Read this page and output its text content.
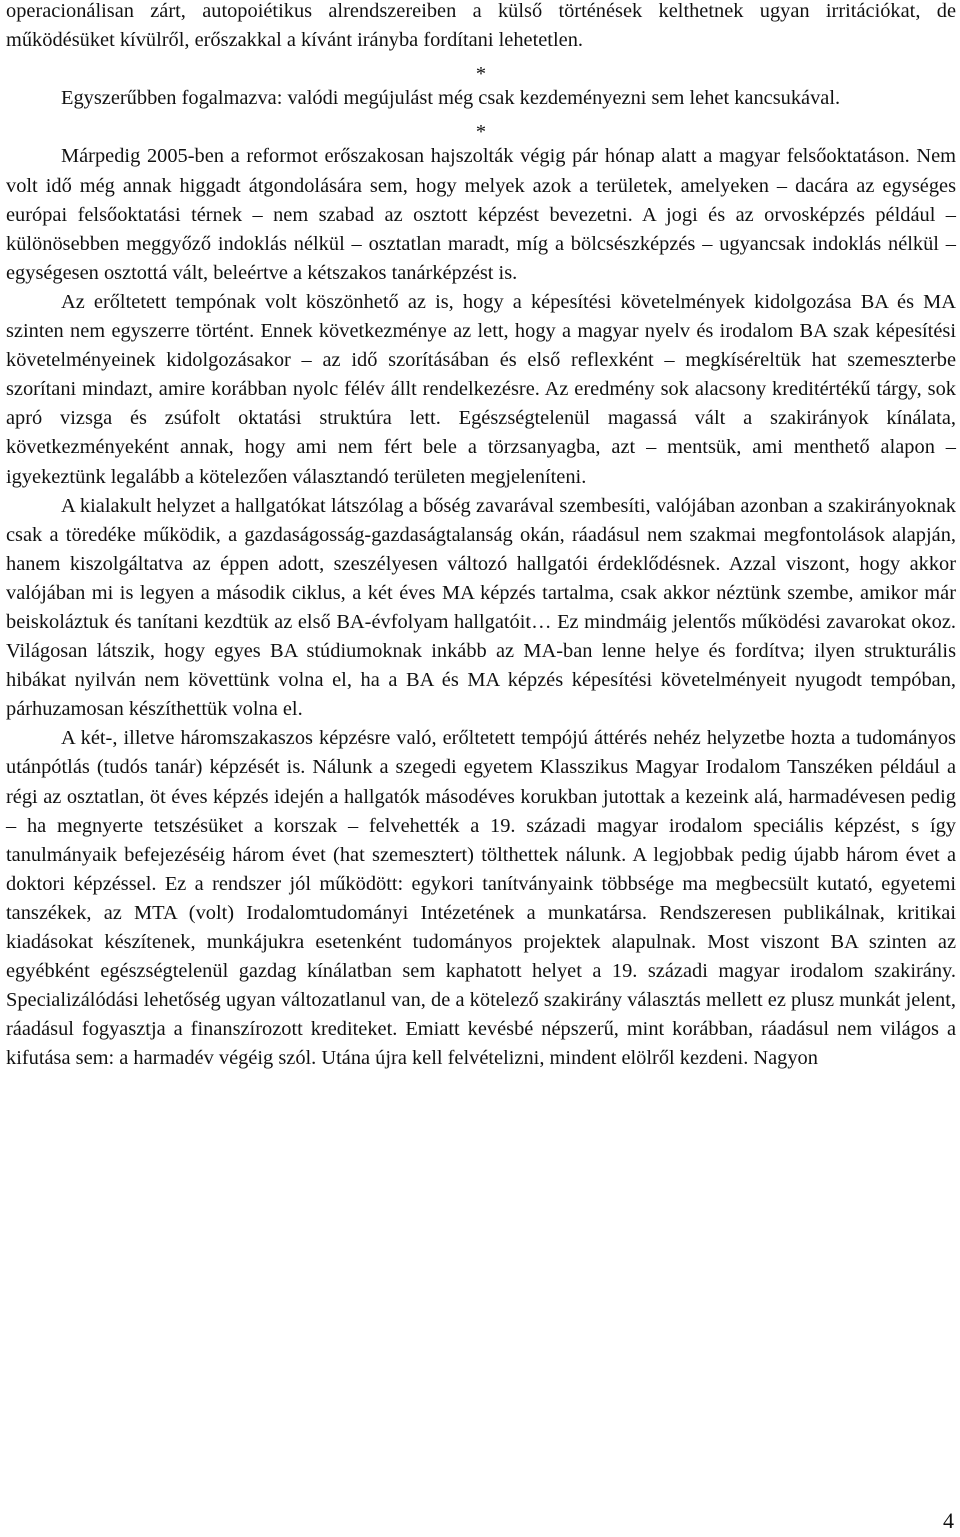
operacionálisan zárt, autopoiétikus alrendszereiben a külső történések kelthetnek ugyan irritációkat, de működésüket kívülről, erőszakkal a kívánt irányba fordítani lehetetlen.

*

Egyszerűbben fogalmazva: valódi megújulást még csak kezdeményezni sem lehet kancsukával.

*

Márpedig 2005-ben a reformot erőszakosan hajszolták végig pár hónap alatt a magyar felsőoktatáson. Nem volt idő még annak higgadt átgondolására sem, hogy melyek azok a területek, amelyeken – dacára az egységes európai felsőoktatási térnek – nem szabad az osztott képzést bevezetni. A jogi és az orvosképzés például – különösebben meggyőző indoklás nélkül – osztatlan maradt, míg a bölcsészképzés – ugyancsak indoklás nélkül – egységesen osztottá vált, beleértve a kétszakos tanárképzést is.

Az erőltetett tempónak volt köszönhető az is, hogy a képesítési követelmények kidolgozása BA és MA szinten nem egyszerre történt. Ennek következménye az lett, hogy a magyar nyelv és irodalom BA szak képesítési követelményeinek kidolgozásakor – az idő szorításában és első reflexként – megkíséreltük hat szemeszterbe szorítani mindazt, amire korábban nyolc félév állt rendelkezésre. Az eredmény sok alacsony kreditértékű tárgy, sok apró vizsga és zsúfolt oktatási struktúra lett. Egészségtelenül magassá vált a szakirányok kínálata, következményeként annak, hogy ami nem fért bele a törzsanyagba, azt – mentsük, ami menthető alapon – igyekeztünk legalább a kötelezően választandó területen megjeleníteni.

A kialakult helyzet a hallgatókat látszólag a bőség zavarával szembesíti, valójában azonban a szakirányoknak csak a töredéke működik, a gazdaságosság-gazdaságtalanság okán, ráadásul nem szakmai megfontolások alapján, hanem kiszolgáltatva az éppen adott, szeszélyesen változó hallgatói érdeklődésnek. Azzal viszont, hogy akkor valójában mi is legyen a második ciklus, a két éves MA képzés tartalma, csak akkor néztünk szembe, amikor már beiskoláztuk és tanítani kezdtük az első BA-évfolyam hallgatóit… Ez mindmáig jelentős működési zavarokat okoz. Világosan látszik, hogy egyes BA stúdiumoknak inkább az MA-ban lenne helye és fordítva; ilyen strukturális hibákat nyilván nem követtünk volna el, ha a BA és MA képzés képesítési követelményeit nyugodt tempóban, párhuzamosan készíthettük volna el.

A két-, illetve háromszakaszos képzésre való, erőltetett tempójú áttérés nehéz helyzetbe hozta a tudományos utánpótlás (tudós tanár) képzését is. Nálunk a szegedi egyetem Klasszikus Magyar Irodalom Tanszéken például a régi az osztatlan, öt éves képzés idején a hallgatók másodéves korukban jutottak a kezeink alá, harmadévesen pedig – ha megnyerte tetszésüket a korszak – felvehették a 19. századi magyar irodalom speciális képzést, s így tanulmányaik befejezéséig három évet (hat szemesztert) tölthettek nálunk. A legjobbak pedig újabb három évet a doktori képzéssel. Ez a rendszer jól működött: egykori tanítványaink többsége ma megbecsült kutató, egyetemi tanszékek, az MTA (volt) Irodalomtudományi Intézetének a munkatársa. Rendszeresen publikálnak, kritikai kiadásokat készítenek, munkájukra esetenként tudományos projektek alapulnak. Most viszont BA szinten az egyébként egészségtelenül gazdag kínálatban sem kaphatott helyet a 19. századi magyar irodalom szakirány. Specializálódási lehetőség ugyan változatlanul van, de a kötelező szakirány választás mellett ez plusz munkát jelent, ráadásul fogyasztja a finanszírozott krediteket. Emiatt kevésbé népszerű, mint korábban, ráadásul nem világos a kifutása sem: a harmadév végéig szól. Utána újra kell felvételizni, mindent elölről kezdeni. Nagyon

4
